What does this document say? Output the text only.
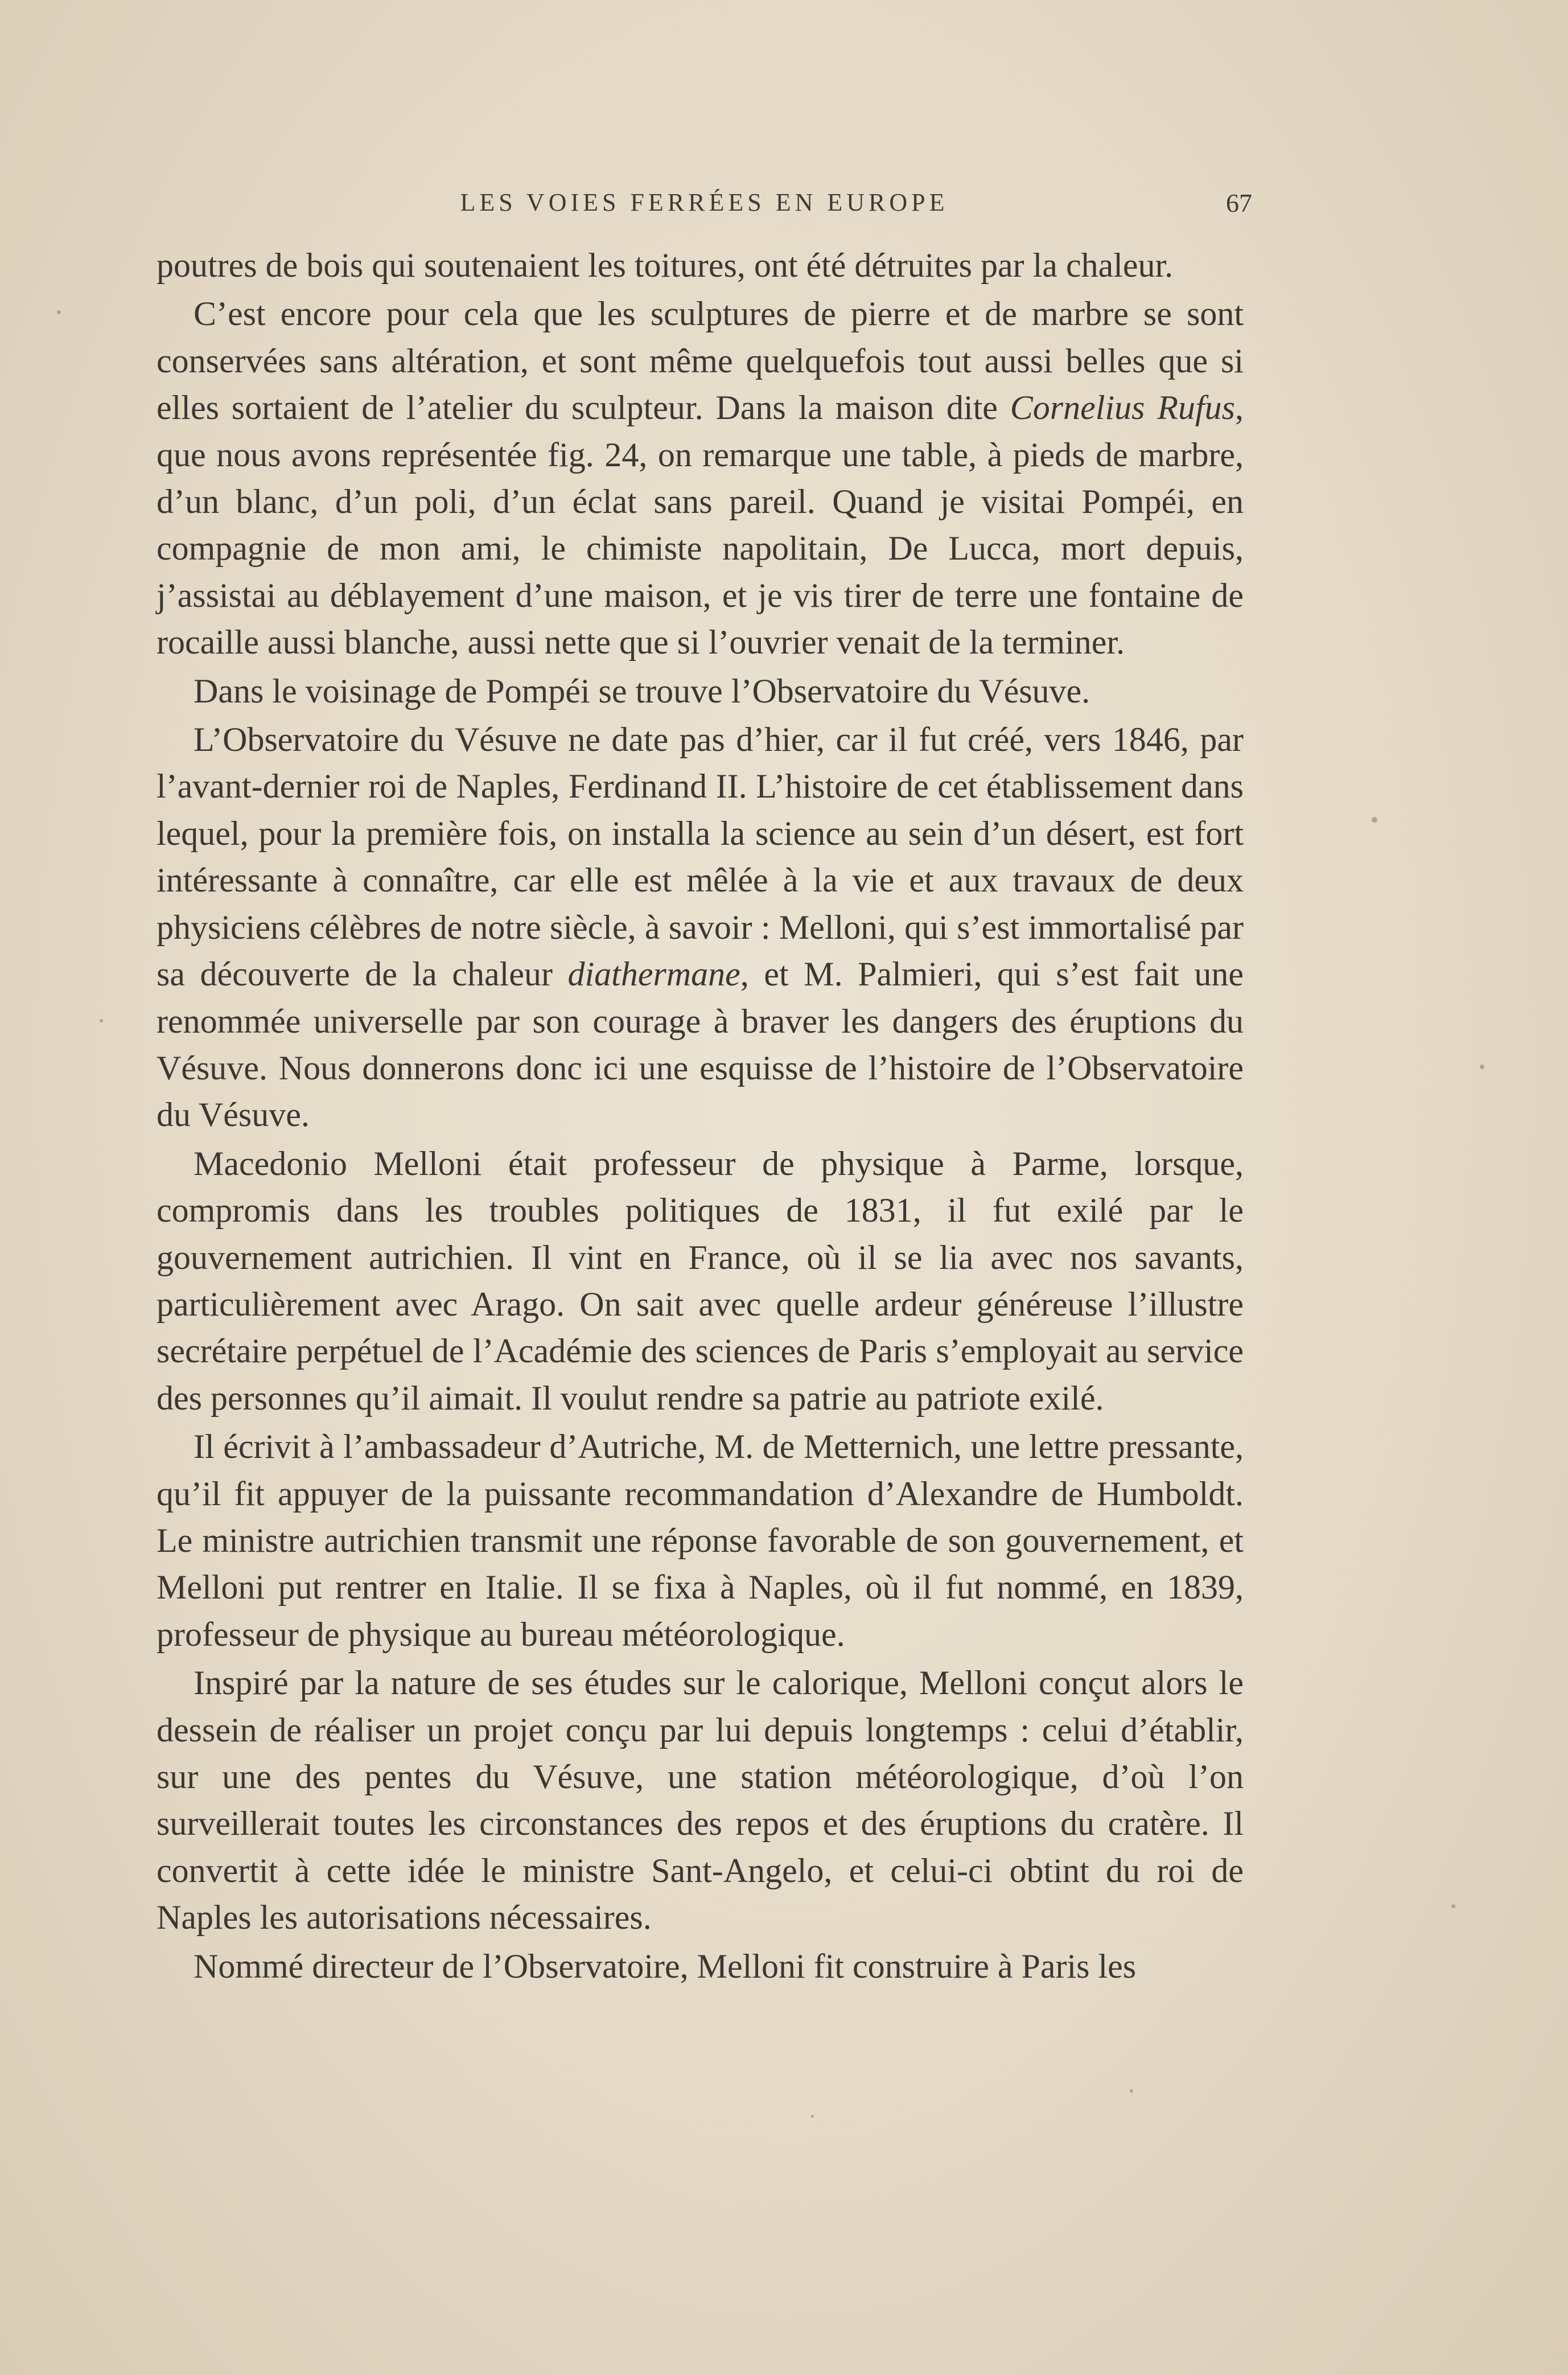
LES VOIES FERRÉES EN EUROPE	67

poutres de bois qui soutenaient les toitures, ont été détruites par la chaleur.

C’est encore pour cela que les sculptures de pierre et de marbre se sont conservées sans altération, et sont même quelquefois tout aussi belles que si elles sortaient de l’atelier du sculpteur. Dans la maison dite Cornelius Rufus, que nous avons représentée fig. 24, on remarque une table, à pieds de marbre, d’un blanc, d’un poli, d’un éclat sans pareil. Quand je visitai Pompéi, en compagnie de mon ami, le chimiste napolitain, De Lucca, mort depuis, j’assistai au déblayement d’une maison, et je vis tirer de terre une fontaine de rocaille aussi blanche, aussi nette que si l’ouvrier venait de la terminer.

Dans le voisinage de Pompéi se trouve l’Observatoire du Vésuve.

L’Observatoire du Vésuve ne date pas d’hier, car il fut créé, vers 1846, par l’avant-dernier roi de Naples, Ferdinand II. L’histoire de cet établissement dans lequel, pour la première fois, on installa la science au sein d’un désert, est fort intéressante à connaître, car elle est mêlée à la vie et aux travaux de deux physiciens célèbres de notre siècle, à savoir : Melloni, qui s’est immortalisé par sa découverte de la chaleur diathermane, et M. Palmieri, qui s’est fait une renommée universelle par son courage à braver les dangers des éruptions du Vésuve. Nous donnerons donc ici une esquisse de l’histoire de l’Observatoire du Vésuve.

Macedonio Melloni était professeur de physique à Parme, lorsque, compromis dans les troubles politiques de 1831, il fut exilé par le gouvernement autrichien. Il vint en France, où il se lia avec nos savants, particulièrement avec Arago. On sait avec quelle ardeur généreuse l’illustre secrétaire perpétuel de l’Académie des sciences de Paris s’employait au service des personnes qu’il aimait. Il voulut rendre sa patrie au patriote exilé.

Il écrivit à l’ambassadeur d’Autriche, M. de Metternich, une lettre pressante, qu’il fit appuyer de la puissante recommandation d’Alexandre de Humboldt. Le ministre autrichien transmit une réponse favorable de son gouvernement, et Melloni put rentrer en Italie. Il se fixa à Naples, où il fut nommé, en 1839, professeur de physique au bureau météorologique.

Inspiré par la nature de ses études sur le calorique, Melloni conçut alors le dessein de réaliser un projet conçu par lui depuis longtemps : celui d’établir, sur une des pentes du Vésuve, une station météorologique, d’où l’on surveillerait toutes les circonstances des repos et des éruptions du cratère. Il convertit à cette idée le ministre Sant-Angelo, et celui-ci obtint du roi de Naples les autorisations nécessaires.

Nommé directeur de l’Observatoire, Melloni fit construire à Paris les
